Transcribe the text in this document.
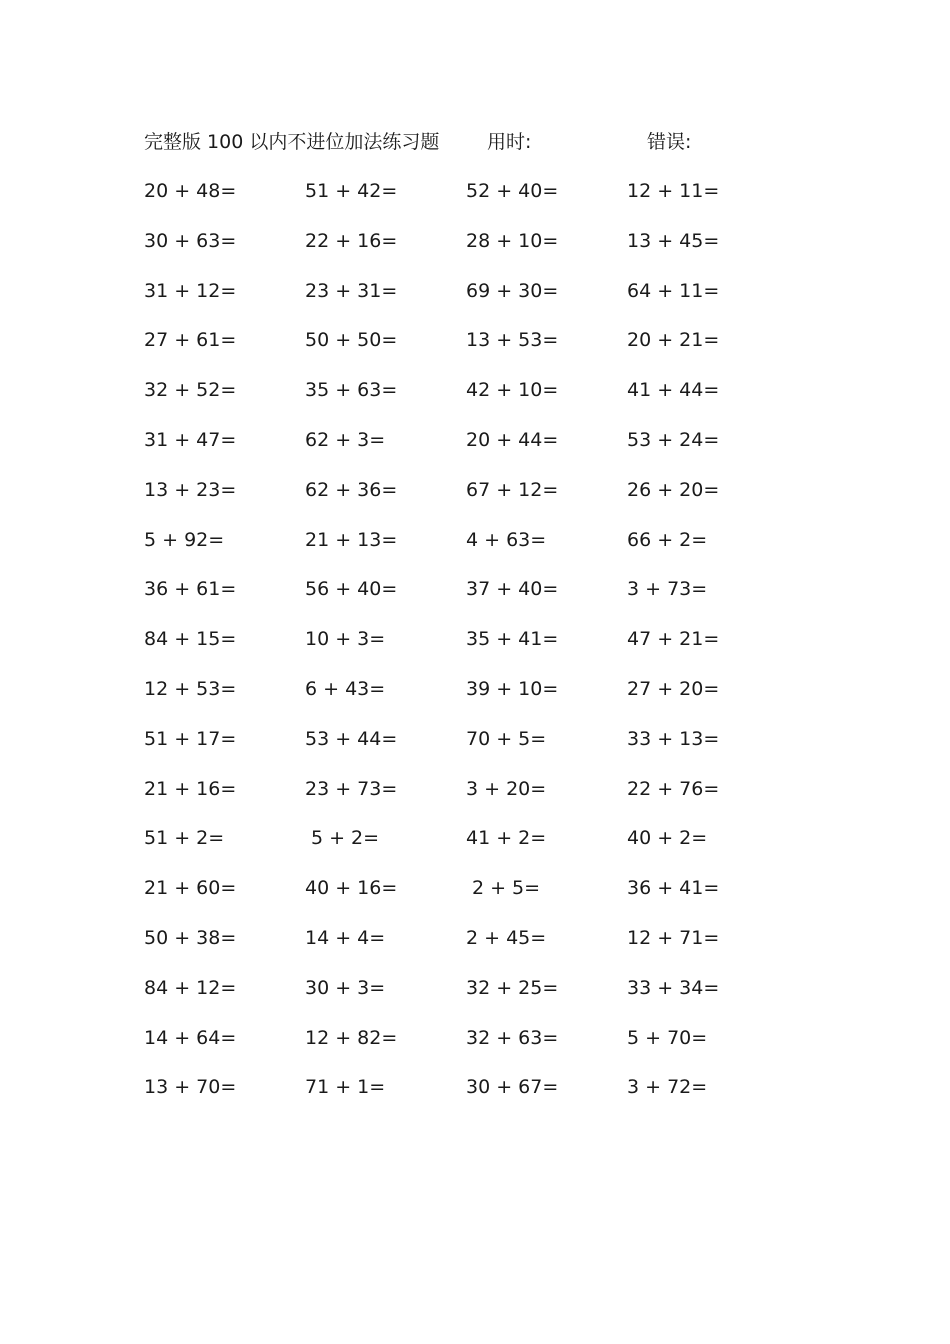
完整版 100 以内不进位加法练习题	用时:	错误:
20 + 48=	51 + 42=	52 + 40=	12 + 11=
30 + 63=	22 + 16=	28 + 10=	13 + 45=
31 + 12=	23 + 31=	69 + 30=	64 + 11=
27 + 61=	50 + 50=	13 + 53=	20 + 21=
32 + 52=	35 + 63=	42 + 10=	41 + 44=
31 + 47=	62 + 3=	20 + 44=	53 + 24=
13 + 23=	62 + 36=	67 + 12=	26 + 20=
5 + 92=	21 + 13=	4 + 63=	66 + 2=
36 + 61=	56 + 40=	37 + 40=	3 + 73=
84 + 15=	10 + 3=	35 + 41=	47 + 21=
12 + 53=	6 + 43=	39 + 10=	27 + 20=
51 + 17=	53 + 44=	70 + 5=	33 + 13=
21 + 16=	23 + 73=	3 + 20=	22 + 76=
51 + 2=	5 + 2=	41 + 2=	40 + 2=
21 + 60=	40 + 16=	2 + 5=	36 + 41=
50 + 38=	14 + 4=	2 + 45=	12 + 71=
84 + 12=	30 + 3=	32 + 25=	33 + 34=
14 + 64=	12 + 82=	32 + 63=	5 + 70=
13 + 70=	71 + 1=	30 + 67=	3 + 72=
